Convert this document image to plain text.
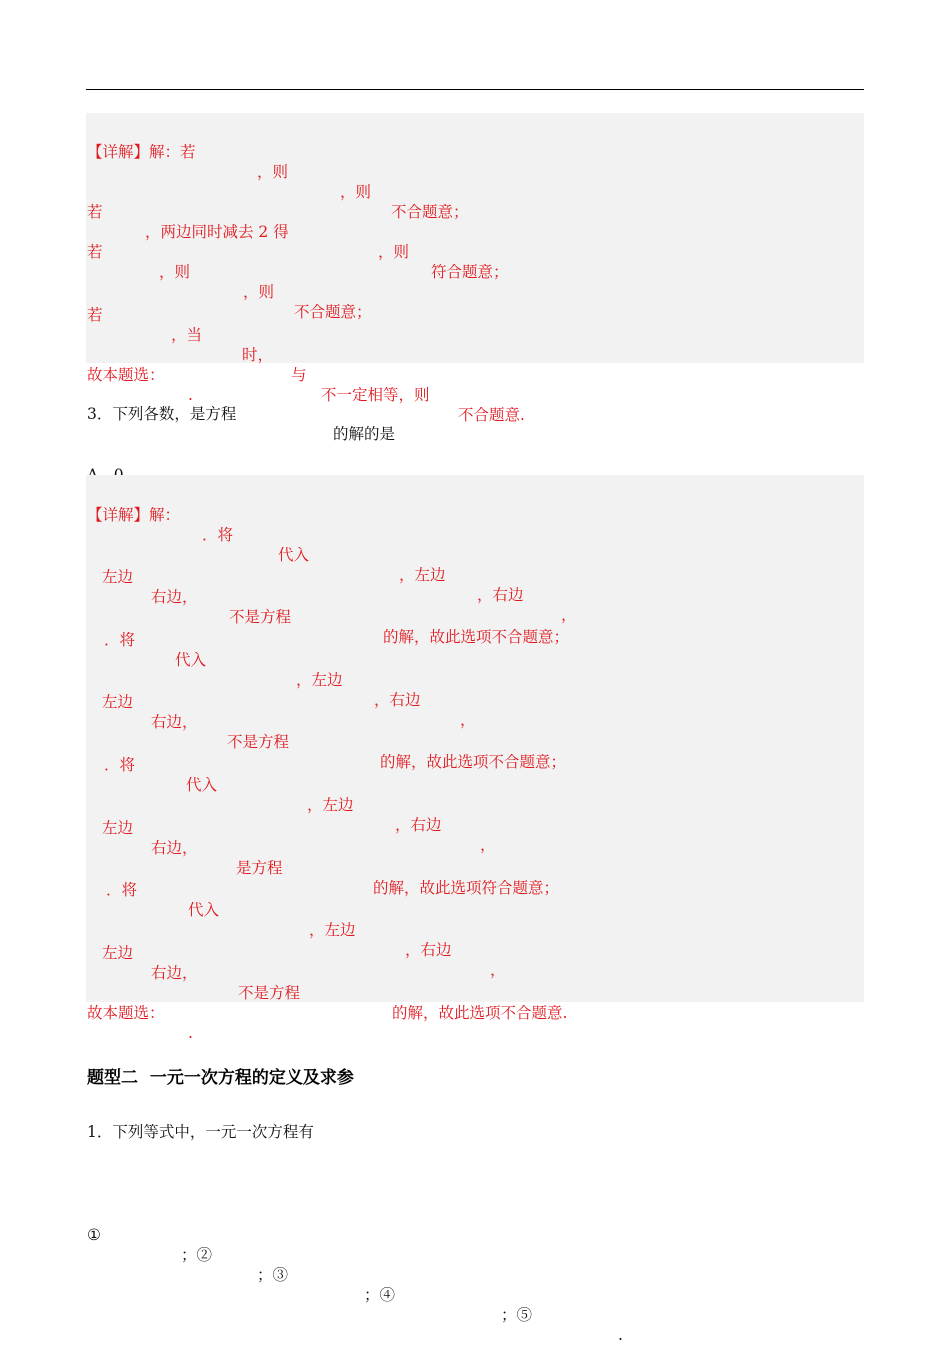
【详解】解：若

，则

，则

不合题意；

若

，两边同时减去 2 得

，则

符合题意；

若

，则

，则

不合题意；

若

，当

时，

与

不一定相等，则

不合题意.

故本题选：

.

3．下列各数，是方程

的解的是

【详解】解：

．将

代入

，左边

，右边

，

左边

右边，

不是方程

的解，故此选项不合题意；

．将

代入

，左边

，右边

，

左边

右边，

不是方程

的解，故此选项不合题意；

．将

代入

，左边

，右边

，

左边

右边，

是方程

的解，故此选项符合题意；

．将

代入

，左边

，右边

，

左边

右边，

不是方程

的解，故此选项不合题意.

故本题选：

.

题型二  一元一次方程的定义及求参
1．下列等式中，一元一次方程有

①

；②

；③

；④

；⑤

.
